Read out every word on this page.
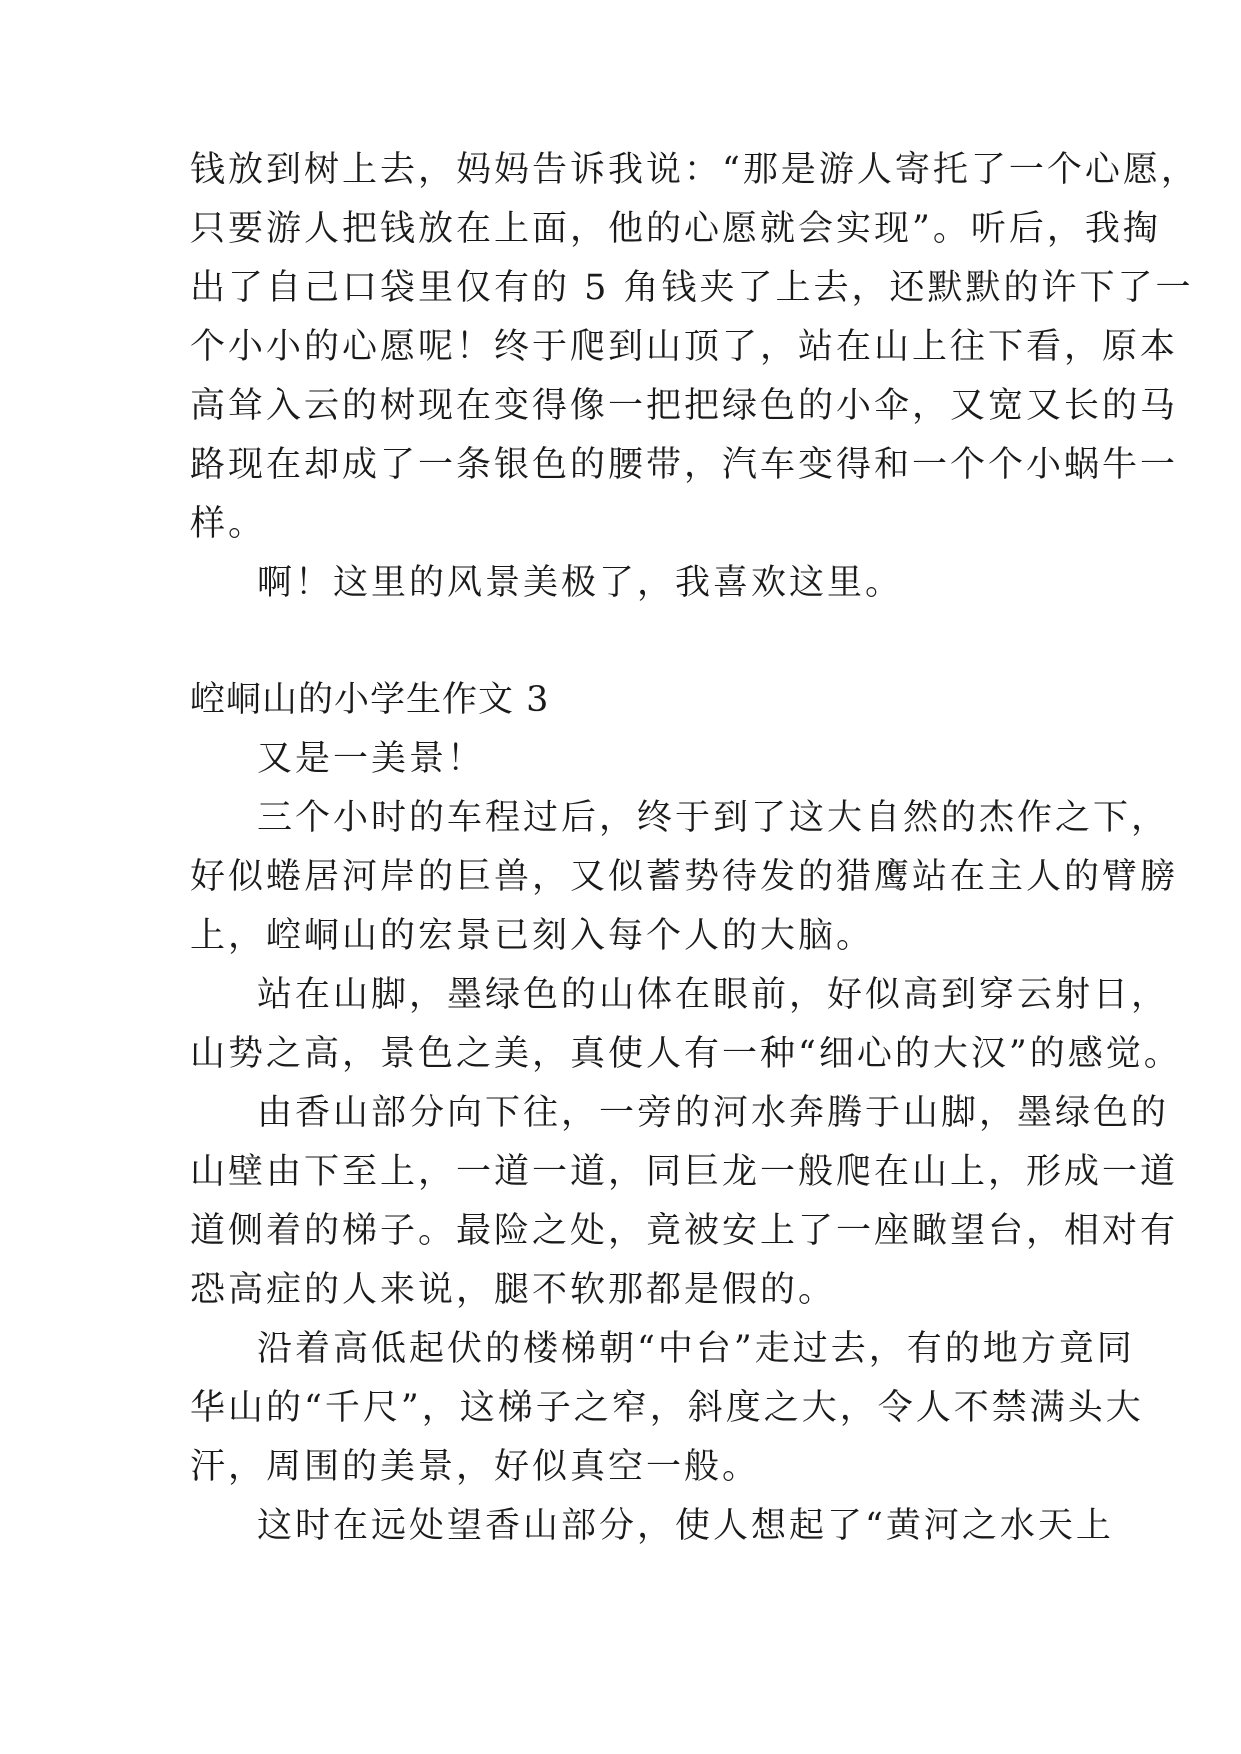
钱放到树上去，妈妈告诉我说：“那是游人寄托了一个心愿，
只要游人把钱放在上面，他的心愿就会实现”。听后，我掏
出了自己口袋里仅有的 5 角钱夹了上去，还默默的许下了一
个小小的心愿呢！终于爬到山顶了，站在山上往下看，原本
高耸入云的树现在变得像一把把绿色的小伞，又宽又长的马
路现在却成了一条银色的腰带，汽车变得和一个个小蜗牛一
样。
啊！这里的风景美极了，我喜欢这里。
崆峒山的小学生作文 3
又是一美景！
三个小时的车程过后，终于到了这大自然的杰作之下，
好似蜷居河岸的巨兽，又似蓄势待发的猎鹰站在主人的臂膀
上，崆峒山的宏景已刻入每个人的大脑。
站在山脚，墨绿色的山体在眼前，好似高到穿云射日，
山势之高，景色之美，真使人有一种“细心的大汉”的感觉。
由香山部分向下往，一旁的河水奔腾于山脚，墨绿色的
山壁由下至上，一道一道，同巨龙一般爬在山上，形成一道
道侧着的梯子。最险之处，竟被安上了一座瞰望台，相对有
恐高症的人来说，腿不软那都是假的。
沿着高低起伏的楼梯朝“中台”走过去，有的地方竟同
华山的“千尺”，这梯子之窄，斜度之大，令人不禁满头大
汗，周围的美景，好似真空一般。
这时在远处望香山部分，使人想起了“黄河之水天上
